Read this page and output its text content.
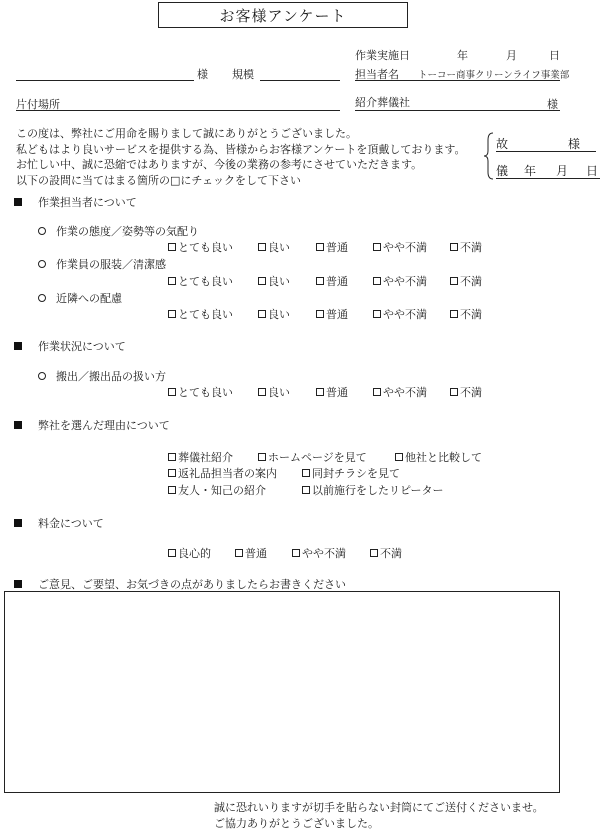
お客様アンケート
作業実施日	年	月	日
様 規模	担当者名 トーコー商事クリーンライフ事業部
片付場所	紹介葬儀社	様
この度は、弊社にご用命を賜りまして誠にありがとうございました。
私どもはより良いサービスを提供する為、皆様からお客様アンケートを頂戴しております。
お忙しい中、誠に恐縮ではありますが、今後の業務の参考にさせていただきます。
以下の設問に当てはまる箇所の□にチェックをして下さい
故	様
儀 年 月 日
作業担当者について
作業の態度／姿勢等の気配り
とても良い	良い	普通	やや不満	不満
作業員の服装／清潔感
とても良い	良い	普通	やや不満	不満
近隣への配慮
とても良い	良い	普通	やや不満	不満
作業状況について
搬出／搬出品の扱い方
とても良い	良い	普通	やや不満	不満
弊社を選んだ理由について
葬儀社紹介	ホームページを見て	他社と比較して
返礼品担当者の案内	同封チラシを見て
友人・知己の紹介	以前施行をしたリピーター
料金について
良心的	普通	やや不満	不満
ご意見、ご要望、お気づきの点がありましたらお書きください
誠に恐れいりますが切手を貼らない封筒にてご送付くださいませ。
ご協力ありがとうございました。
